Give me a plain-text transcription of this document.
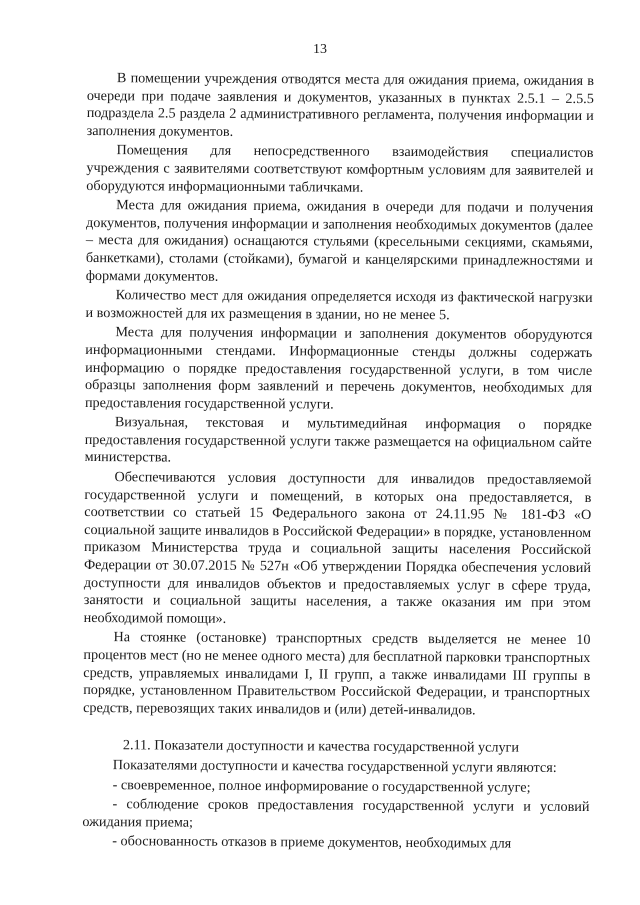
13

В помещении учреждения отводятся места для ожидания приема, ожидания в очереди при подаче заявления и документов, указанных в пунктах 2.5.1 – 2.5.5 подраздела 2.5 раздела 2 административного регламента, получения информации и заполнения документов.

Помещения для непосредственного взаимодействия специалистов учреждения с заявителями соответствуют комфортным условиям для заявителей и оборудуются информационными табличками.

Места для ожидания приема, ожидания в очереди для подачи и получения документов, получения информации и заполнения необходимых документов (далее – места для ожидания) оснащаются стульями (кресельными секциями, скамьями, банкетками), столами (стойками), бумагой и канцелярскими принадлежностями и формами документов.

Количество мест для ожидания определяется исходя из фактической нагрузки и возможностей для их размещения в здании, но не менее 5.

Места для получения информации и заполнения документов оборудуются информационными стендами. Информационные стенды должны содержать информацию о порядке предоставления государственной услуги, в том числе образцы заполнения форм заявлений и перечень документов, необходимых для предоставления государственной услуги.

Визуальная, текстовая и мультимедийная информация о порядке предоставления государственной услуги также размещается на официальном сайте министерства.

Обеспечиваются условия доступности для инвалидов предоставляемой государственной услуги и помещений, в которых она предоставляется, в соответствии со статьей 15 Федерального закона от 24.11.95 № 181-ФЗ «О социальной защите инвалидов в Российской Федерации» в порядке, установленном приказом Министерства труда и социальной защиты населения Российской Федерации от 30.07.2015 № 527н «Об утверждении Порядка обеспечения условий доступности для инвалидов объектов и предоставляемых услуг в сфере труда, занятости и социальной защиты населения, а также оказания им при этом необходимой помощи».

На стоянке (остановке) транспортных средств выделяется не менее 10 процентов мест (но не менее одного места) для бесплатной парковки транспортных средств, управляемых инвалидами I, II групп, а также инвалидами III группы в порядке, установленном Правительством Российской Федерации, и транспортных средств, перевозящих таких инвалидов и (или) детей-инвалидов.

2.11. Показатели доступности и качества государственной услуги

Показателями доступности и качества государственной услуги являются:

- своевременное, полное информирование о государственной услуге;

- соблюдение сроков предоставления государственной услуги и условий ожидания приема;

- обоснованность отказов в приеме документов, необходимых для
